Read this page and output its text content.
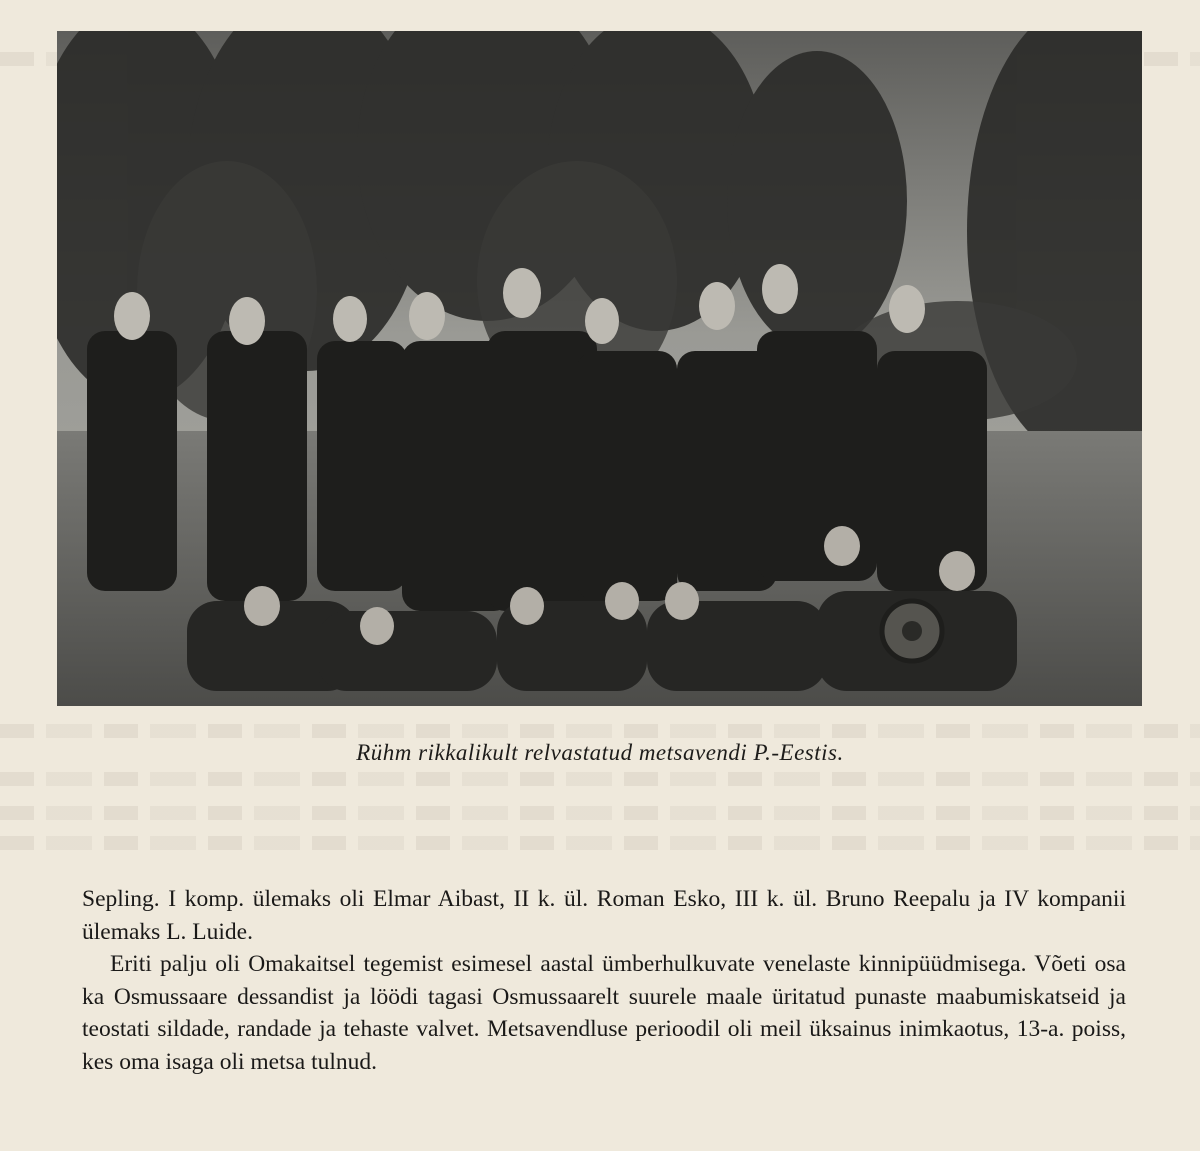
Rühm rikkalikult relvastatud metsavendi P.-Eestis.

Sepling. I komp. ülemaks oli Elmar Aibast, II k. ül. Roman Esko, III k. ül. Bruno Reepalu ja IV kompanii ülemaks L. Luide.

Eriti palju oli Omakaitsel tegemist esimesel aastal ümberhulkuvate venelaste kinnipüüdmisega. Võeti osa ka Osmussaare dessandist ja löödi tagasi Osmussaarelt suurele maale üritatud punaste maabumiskatseid ja teostati sildade, randade ja tehaste valvet. Metsavendluse perioodil oli meil üksainus inimkaotus, 13-a. poiss, kes oma isaga oli metsa tulnud.
